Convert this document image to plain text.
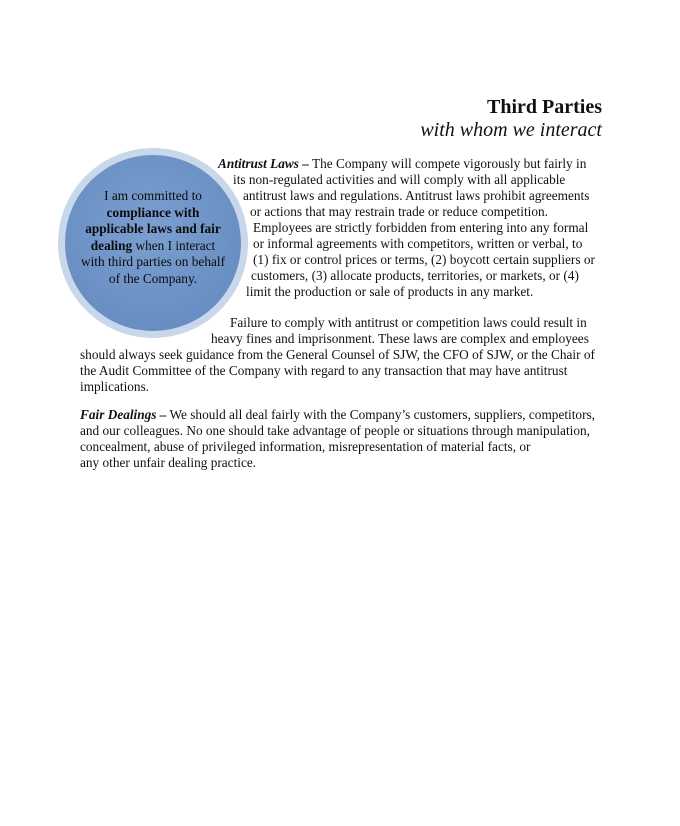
Third Parties
with whom we interact
I am committed to compliance with applicable laws and fair dealing when I interact with third parties on behalf of the Company.
Antitrust Laws – The Company will compete vigorously but fairly in
its non-regulated activities and will comply with all applicable
antitrust laws and regulations. Antitrust laws prohibit agreements
or actions that may restrain trade or reduce competition.
Employees are strictly forbidden from entering into any formal
or informal agreements with competitors, written or verbal, to
(1) fix or control prices or terms, (2) boycott certain suppliers or
customers, (3) allocate products, territories, or markets, or (4)
limit the production or sale of products in any market.
Failure to comply with antitrust or competition laws could result in
heavy fines and imprisonment. These laws are complex and employees
should always seek guidance from the General Counsel of SJW, the CFO of SJW, or the Chair of
the Audit Committee of the Company with regard to any transaction that may have antitrust
implications.
Fair Dealings – We should all deal fairly with the Company’s customers, suppliers, competitors,
and our colleagues. No one should take advantage of people or situations through manipulation,
concealment, abuse of privileged information, misrepresentation of material facts, or
any other unfair dealing practice.
